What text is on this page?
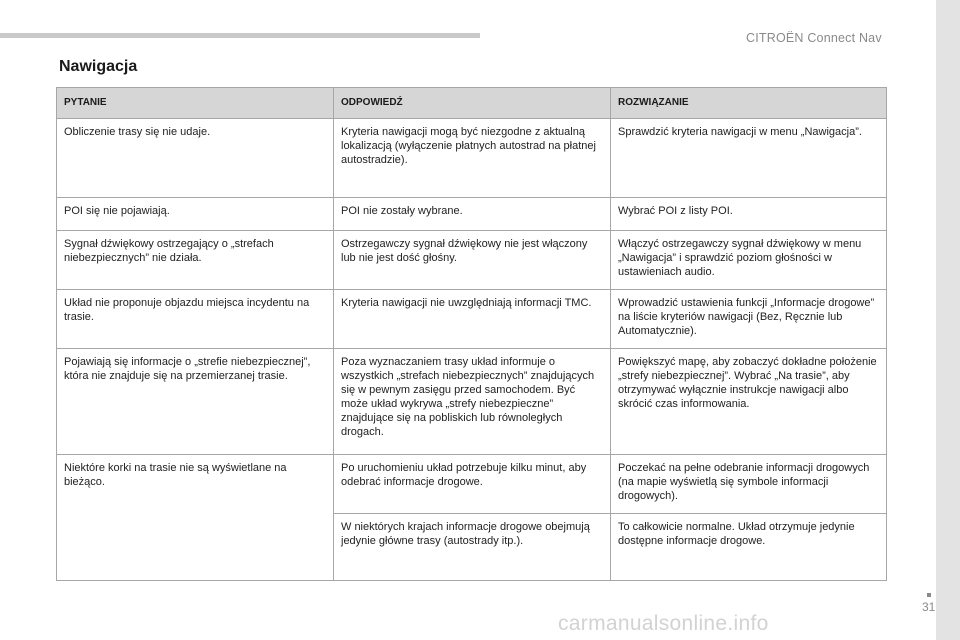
CITROËN Connect Nav
Nawigacja
PYTANIE	ODPOWIEDŹ	ROZWIĄZANIE
Obliczenie trasy się nie udaje.	Kryteria nawigacji mogą być niezgodne z aktualną lokalizacją (wyłączenie płatnych autostrad na płatnej autostradzie).	Sprawdzić kryteria nawigacji w menu „Nawigacja”.
POI się nie pojawiają.	POI nie zostały wybrane.	Wybrać POI z listy POI.
Sygnał dźwiękowy ostrzegający o „strefach niebezpiecznych” nie działa.	Ostrzegawczy sygnał dźwiękowy nie jest włączony lub nie jest dość głośny.	Włączyć ostrzegawczy sygnał dźwiękowy w menu „Nawigacja” i sprawdzić poziom głośności w ustawieniach audio.
Układ nie proponuje objazdu miejsca incydentu na trasie.	Kryteria nawigacji nie uwzględniają informacji TMC.	Wprowadzić ustawienia funkcji „Informacje drogowe” na liście kryteriów nawigacji (Bez, Ręcznie lub Automatycznie).
Pojawiają się informacje o „strefie niebezpiecznej”, która nie znajduje się na przemierzanej trasie.	Poza wyznaczaniem trasy układ informuje o wszystkich „strefach niebezpiecznych” znajdujących się w pewnym zasięgu przed samochodem. Być może układ wykrywa „strefy niebezpieczne” znajdujące się na pobliskich lub równoległych drogach.	Powiększyć mapę, aby zobaczyć dokładne położenie „strefy niebezpiecznej”. Wybrać „Na trasie”, aby otrzymywać wyłącznie instrukcje nawigacji albo skrócić czas informowania.
Niektóre korki na trasie nie są wyświetlane na bieżąco.	Po uruchomieniu układ potrzebuje kilku minut, aby odebrać informacje drogowe.	Poczekać na pełne odebranie informacji drogowych (na mapie wyświetlą się symbole informacji drogowych).
	W niektórych krajach informacje drogowe obejmują jedynie główne trasy (autostrady itp.).	To całkowicie normalne. Układ otrzymuje jedynie dostępne informacje drogowe.
31
carmanualsonline.info
